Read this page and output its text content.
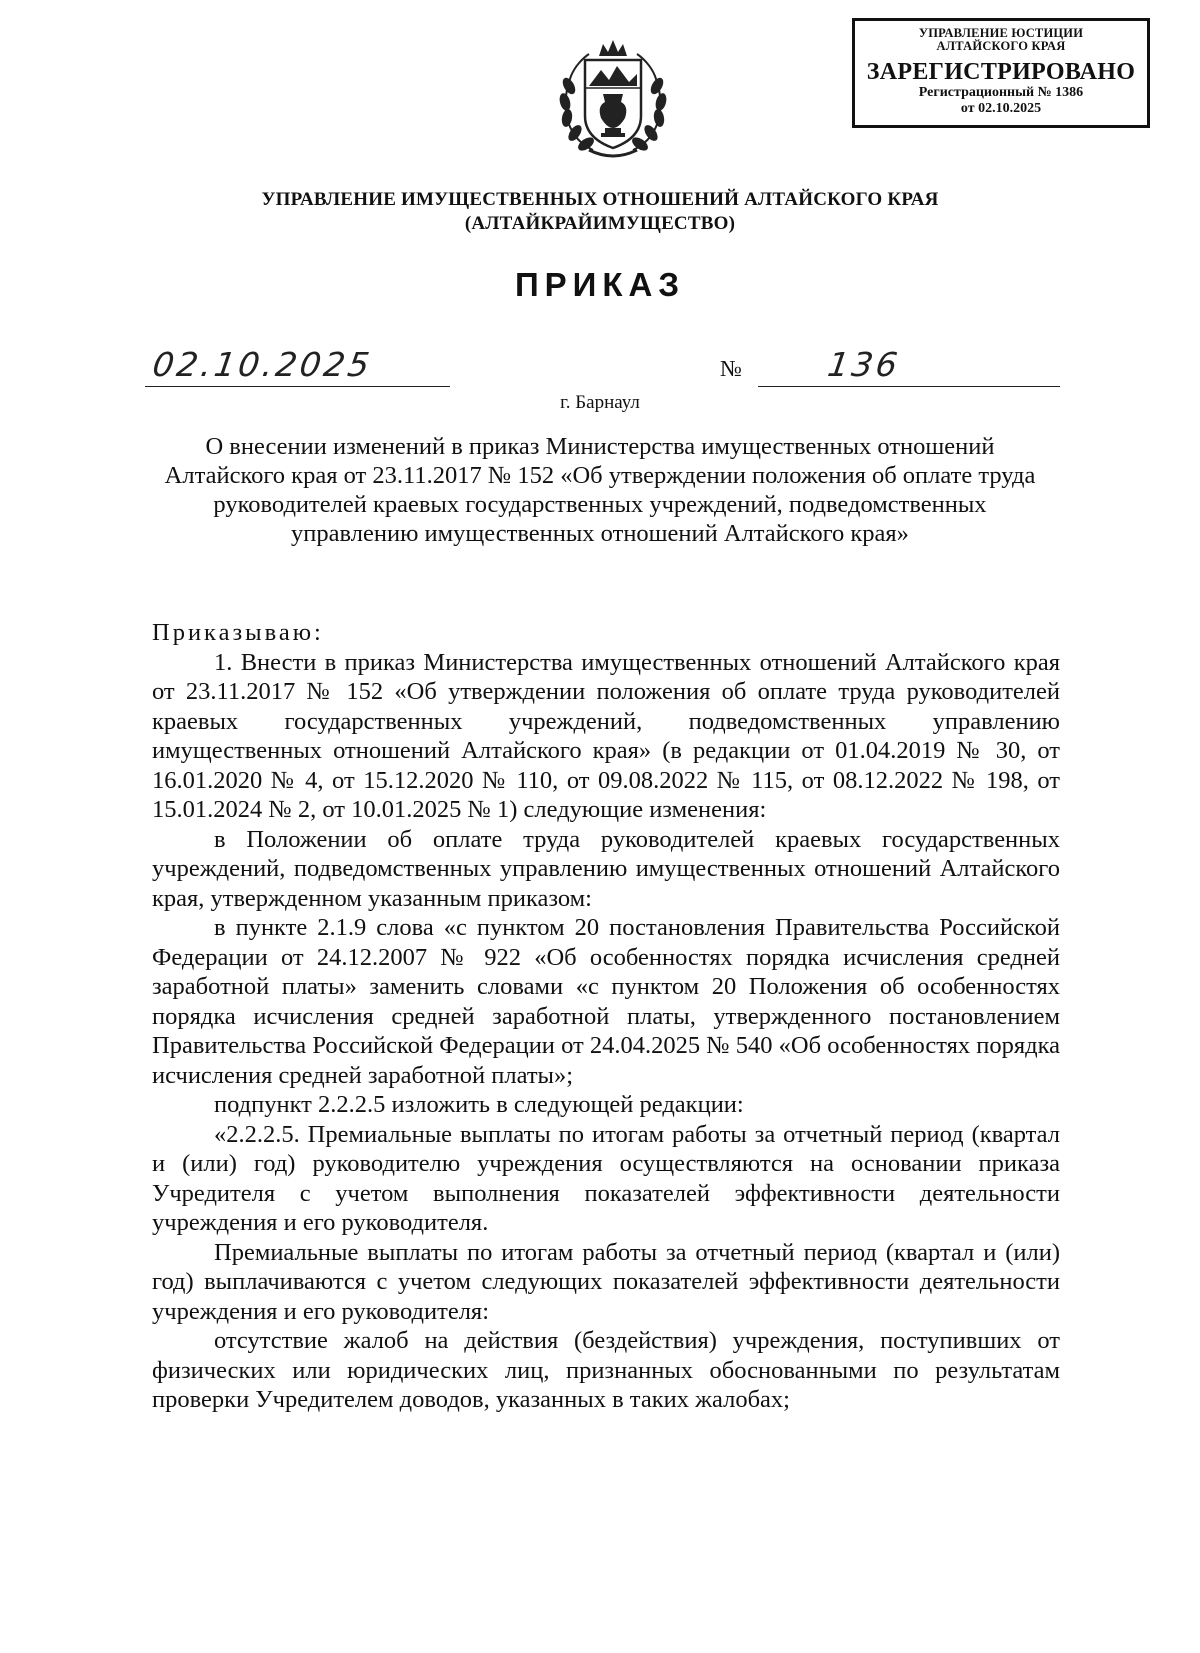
УПРАВЛЕНИЕ ЮСТИЦИИ
АЛТАЙСКОГО КРАЯ
ЗАРЕГИСТРИРОВАНО
Регистрационный № 1386
от 02.10.2025
УПРАВЛЕНИЕ ИМУЩЕСТВЕННЫХ ОТНОШЕНИЙ АЛТАЙСКОГО КРАЯ
(АЛТАЙКРАЙИМУЩЕСТВО)
ПРИКАЗ
02.10.2025	№	136
г. Барнаул
О внесении изменений в приказ Министерства имущественных отношений Алтайского края от 23.11.2017 № 152 «Об утверждении положения об оплате труда руководителей краевых государственных учреждений, подведомственных управлению имущественных отношений Алтайского края»

Приказываю:

1. Внести в приказ Министерства имущественных отношений Алтайского края от 23.11.2017 № 152 «Об утверждении положения об оплате труда руководителей краевых государственных учреждений, подведомственных управлению имущественных отношений Алтайского края» (в редакции от 01.04.2019 № 30, от 16.01.2020 № 4, от 15.12.2020 № 110, от 09.08.2022 № 115, от 08.12.2022 № 198, от 15.01.2024 № 2, от 10.01.2025 № 1) следующие изменения:

в Положении об оплате труда руководителей краевых государственных учреждений, подведомственных управлению имущественных отношений Алтайского края, утвержденном указанным приказом:

в пункте 2.1.9 слова «с пунктом 20 постановления Правительства Российской Федерации от 24.12.2007 № 922 «Об особенностях порядка исчисления средней заработной платы» заменить словами «с пунктом 20 Положения об особенностях порядка исчисления средней заработной платы, утвержденного постановлением Правительства Российской Федерации от 24.04.2025 № 540 «Об особенностях порядка исчисления средней заработной платы»;

подпункт 2.2.2.5 изложить в следующей редакции:

«2.2.2.5. Премиальные выплаты по итогам работы за отчетный период (квартал и (или) год) руководителю учреждения осуществляются на основании приказа Учредителя с учетом выполнения показателей эффективности деятельности учреждения и его руководителя.

Премиальные выплаты по итогам работы за отчетный период (квартал и (или) год) выплачиваются с учетом следующих показателей эффективности деятельности учреждения и его руководителя:

отсутствие жалоб на действия (бездействия) учреждения, поступивших от физических или юридических лиц, признанных обоснованными по результатам проверки Учредителем доводов, указанных в таких жалобах;
